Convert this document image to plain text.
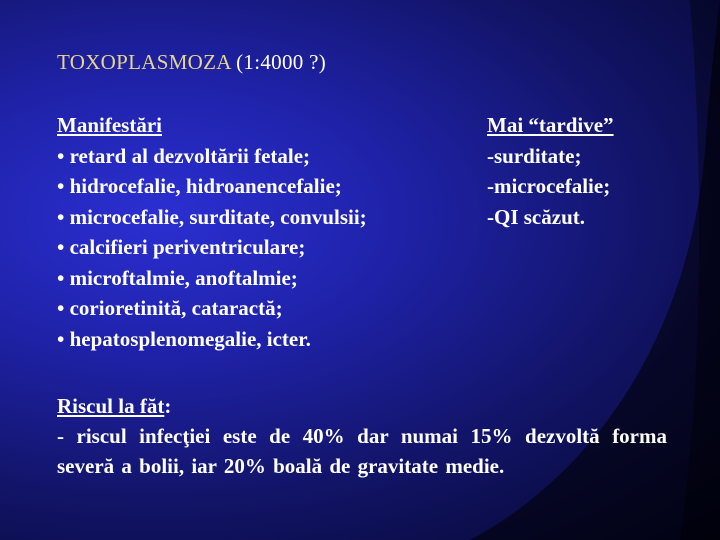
TOXOPLASMOZA (1:4000 ?)
Manifestări
• retard al dezvoltării fetale;
• hidrocefalie, hidroanencefalie;
• microcefalie, surditate, convulsii;
• calcifieri periventriculare;
• microftalmie, anoftalmie;
• corioretinită, cataractă;
• hepatosplenomegalie, icter.
Mai “tardive”
-surditate;
-microcefalie;
-QI scăzut.
Riscul la făt:
- riscul infecţiei este de 40% dar numai 15% dezvoltă forma severă a bolii, iar 20% boală de gravitate medie.
